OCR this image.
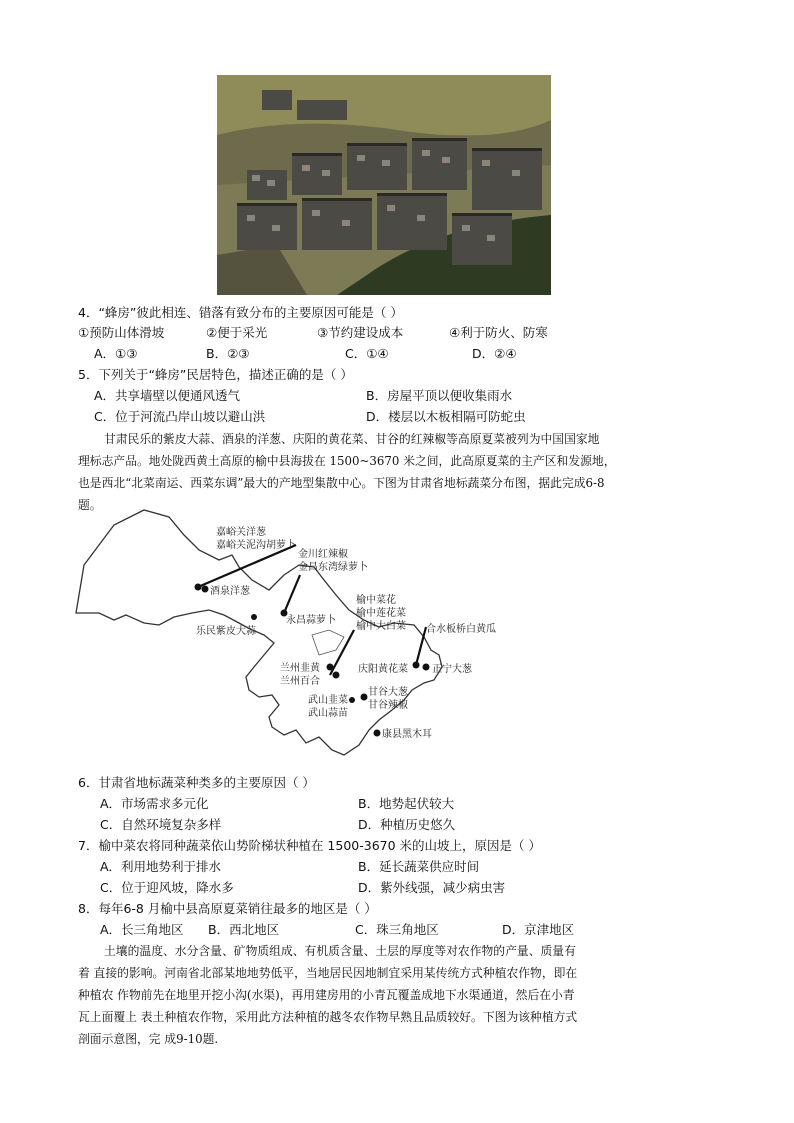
4．“蜂房”彼此相连、错落有致分布的主要原因可能是（ ）
①预防山体滑坡	②便于采光	③节约建设成本	④利于防火、防寒
A．①③	B．②③	C．①④	D．②④
5．下列关于“蜂房”民居特色，描述正确的是（ ）
A．共享墙壁以便通风透气	B．房屋平顶以便收集雨水
C．位于河流凸岸山坡以避山洪	D．楼层以木板相隔可防蛇虫
甘肃民乐的紫皮大蒜、酒泉的洋葱、庆阳的黄花菜、甘谷的红辣椒等高原夏菜被列为中国国家地
理标志产品。地处陇西黄土高原的榆中县海拔在 1500~3670 米之间，此高原夏菜的主产区和发源地，
也是西北“北菜南运、西菜东调”最大的产地型集散中心。下图为甘肃省地标蔬菜分布图，据此完成6-8
题。
嘉峪关洋葱
嘉峪关泥沟胡萝卜
酒泉洋葱
金川红辣椒
金昌东湾绿萝卜
永昌蒜萝卜
乐民紫皮大蒜
榆中菜花
榆中莲花菜
榆中大白菜 合水板桥白黄瓜
庆阳黄花菜 正宁大葱
兰州韭黄
兰州百合
甘谷大葱
甘谷辣椒
武山韭菜
武山蒜苗
康县黑木耳
6．甘肃省地标蔬菜种类多的主要原因（ ）
A．市场需求多元化	B．地势起伏较大
C．自然环境复杂多样	D．种植历史悠久
7．榆中菜农将同种蔬菜依山势阶梯状种植在 1500-3670 米的山坡上，原因是（ ）
A．利用地势利于排水	B．延长蔬菜供应时间
C．位于迎风坡，降水多	D．紫外线强，减少病虫害
8．每年6-8 月榆中县高原夏菜销往最多的地区是（ ）
A．长三角地区 B．西北地区	C．珠三角地区	D．京津地区
土壤的温度、水分含量、矿物质组成、有机质含量、土层的厚度等对农作物的产量、质量有
着 直接的影响。河南省北部某地地势低平，当地居民因地制宜采用某传统方式种植农作物，即在
种植农 作物前先在地里开挖小沟(水渠)，再用建房用的小青瓦覆盖成地下水渠通道，然后在小青
瓦上面覆上 表土种植农作物，采用此方法种植的越冬农作物早熟且品质较好。下图为该种植方式
剖面示意图，完 成9-10题.
